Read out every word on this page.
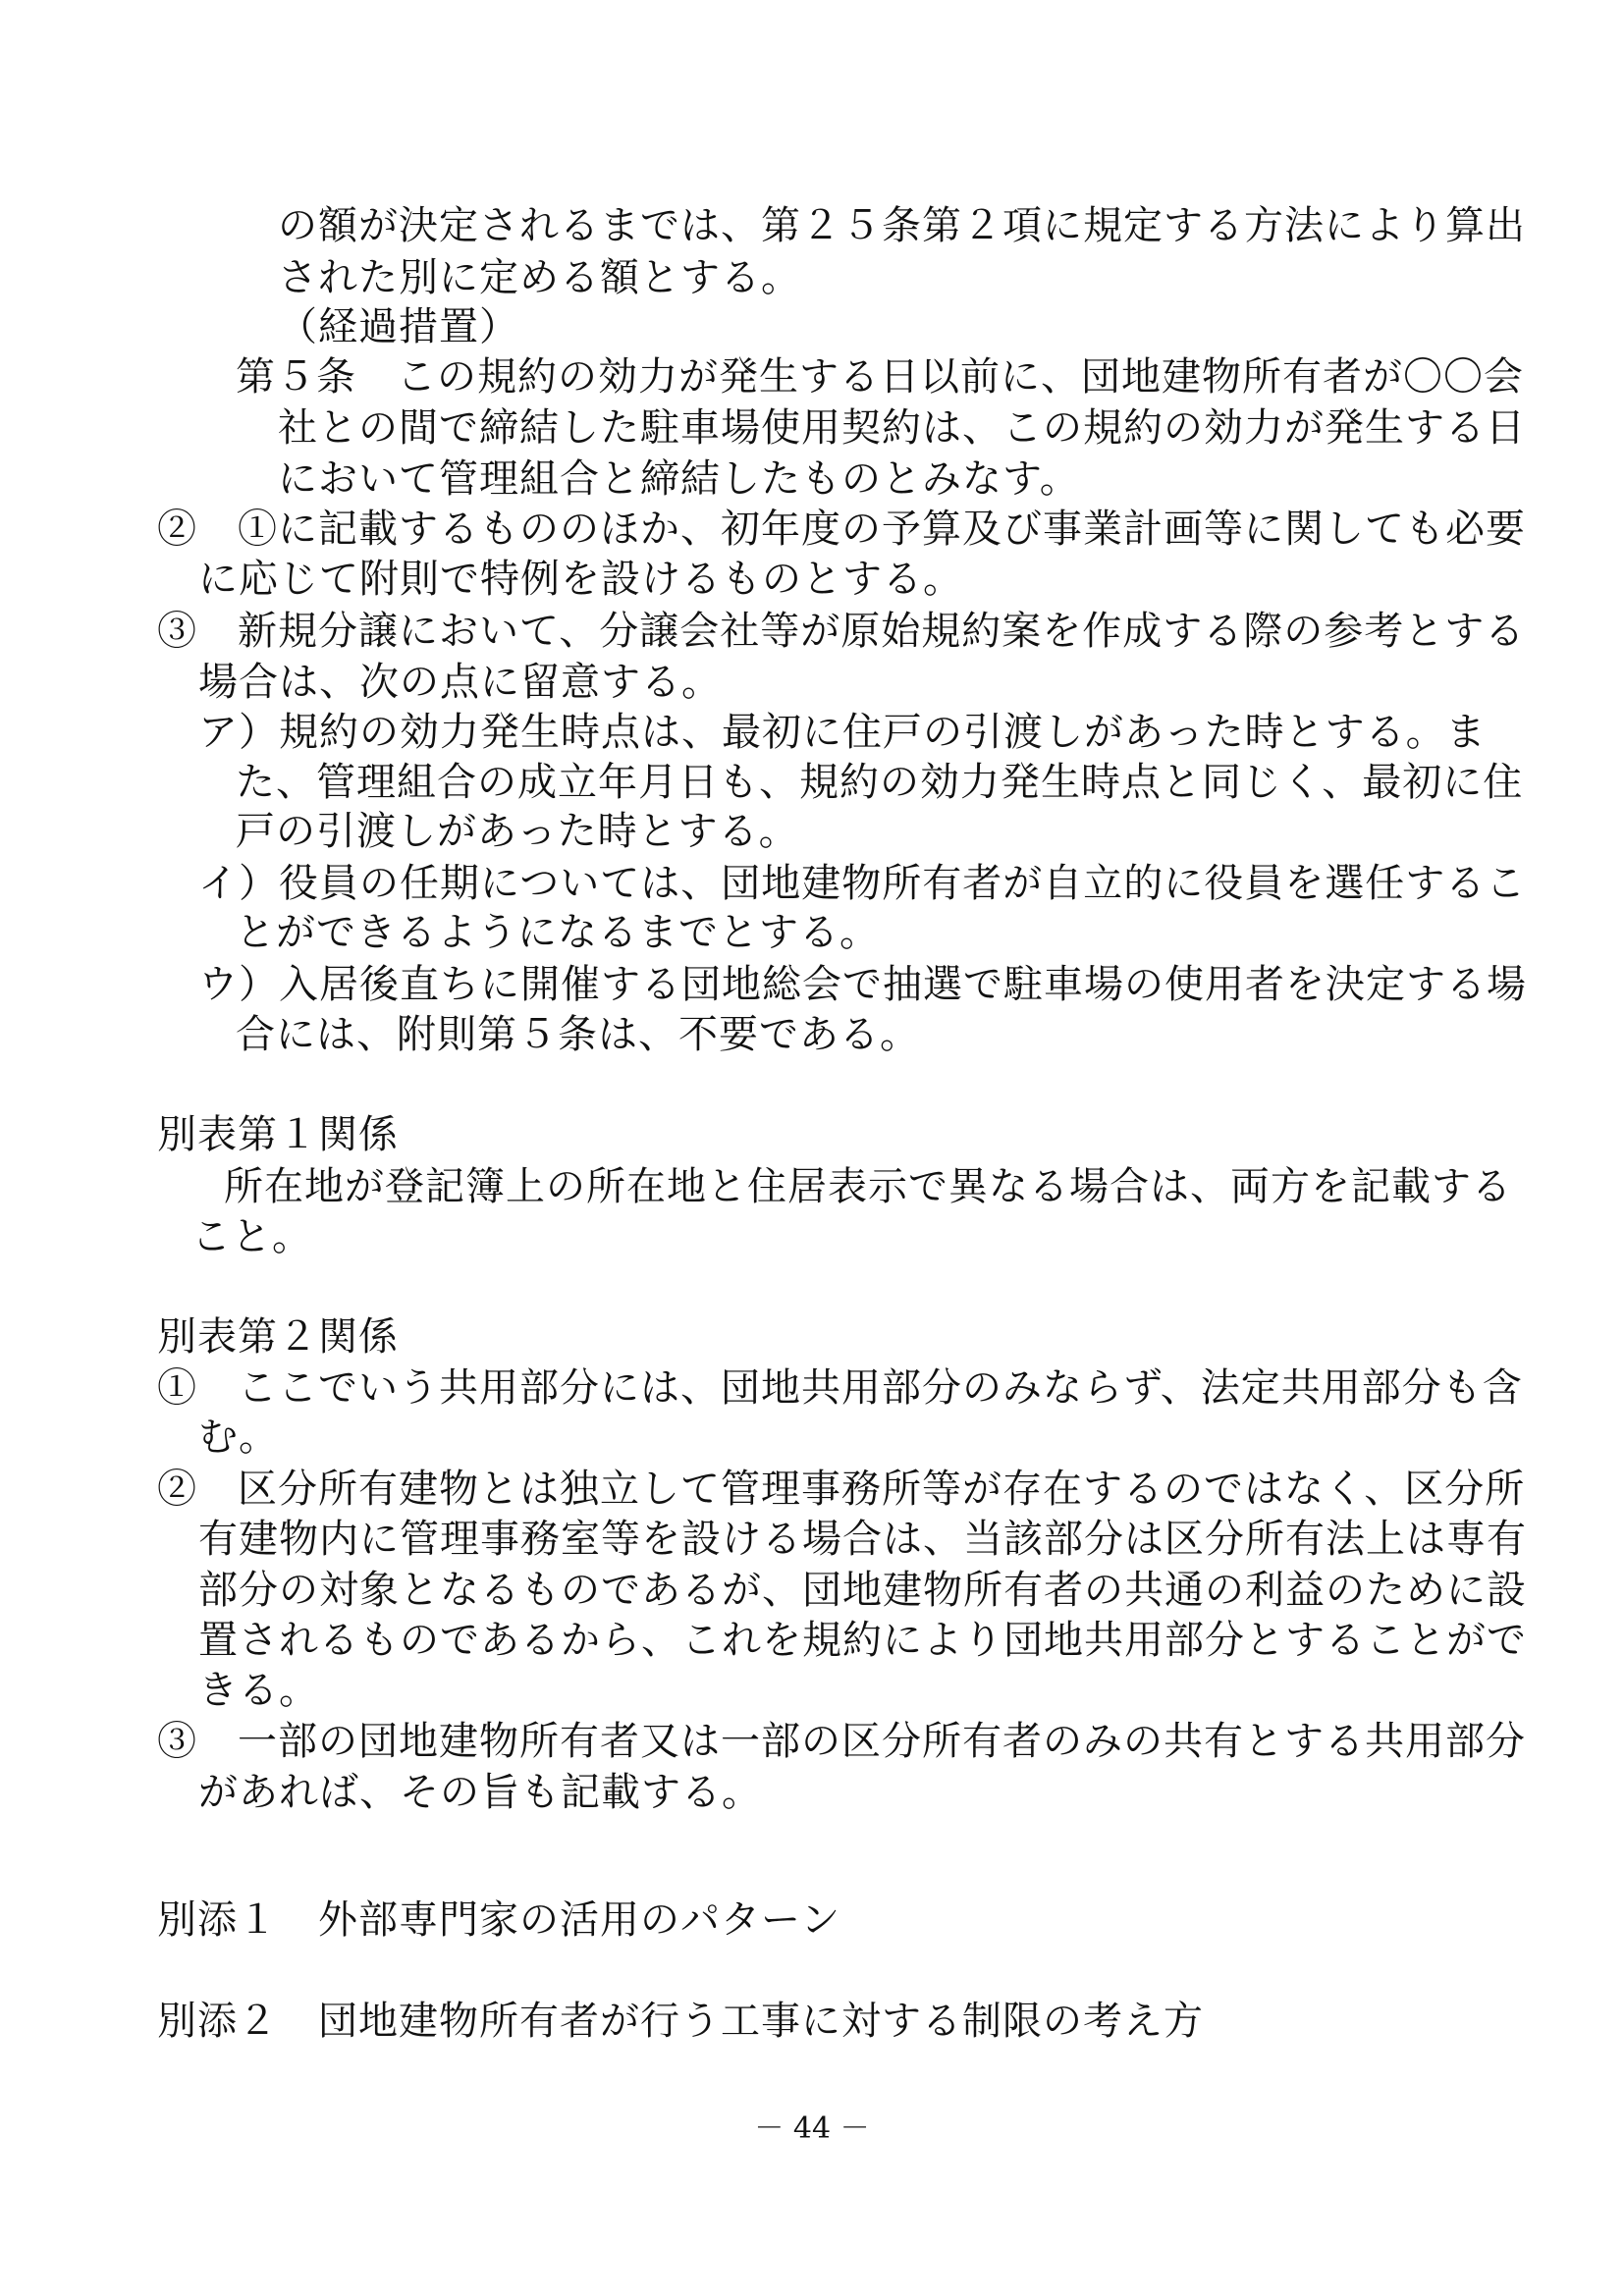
の額が決定されるまでは、第２５条第２項に規定する方法により算出
された別に定める額とする。
（経過措置）
第５条　この規約の効力が発生する日以前に、団地建物所有者が〇〇会
社との間で締結した駐車場使用契約は、この規約の効力が発生する日
において管理組合と締結したものとみなす。
②　①に記載するもののほか、初年度の予算及び事業計画等に関しても必要
に応じて附則で特例を設けるものとする。
③　新規分譲において、分譲会社等が原始規約案を作成する際の参考とする
場合は、次の点に留意する。
ア）規約の効力発生時点は、最初に住戸の引渡しがあった時とする。ま
た、管理組合の成立年月日も、規約の効力発生時点と同じく、最初に住
戸の引渡しがあった時とする。
イ）役員の任期については、団地建物所有者が自立的に役員を選任するこ
とができるようになるまでとする。
ウ）入居後直ちに開催する団地総会で抽選で駐車場の使用者を決定する場
合には、附則第５条は、不要である。
別表第１関係
所在地が登記簿上の所在地と住居表示で異なる場合は、両方を記載する
こと。
別表第２関係
①　ここでいう共用部分には、団地共用部分のみならず、法定共用部分も含
む。
②　区分所有建物とは独立して管理事務所等が存在するのではなく、区分所
有建物内に管理事務室等を設ける場合は、当該部分は区分所有法上は専有
部分の対象となるものであるが、団地建物所有者の共通の利益のために設
置されるものであるから、これを規約により団地共用部分とすることがで
きる。
③　一部の団地建物所有者又は一部の区分所有者のみの共有とする共用部分
があれば、その旨も記載する。
別添１　外部専門家の活用のパターン
別添２　団地建物所有者が行う工事に対する制限の考え方
－ 44 －
